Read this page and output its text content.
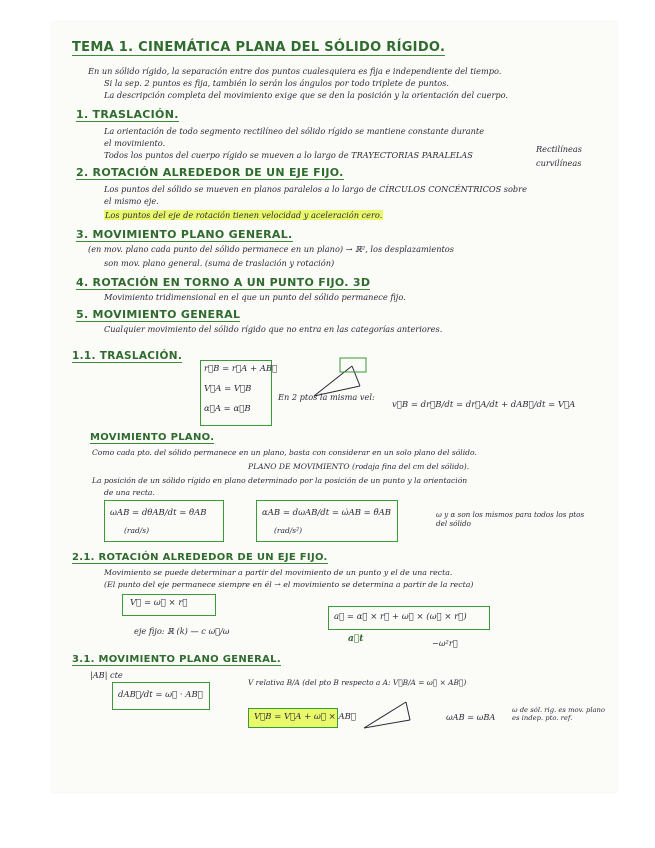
TEMA 1. CINEMÁTICA PLANA DEL SÓLIDO RÍGIDO.
En un sólido rígido, la separación entre dos puntos cualesquiera es fija e independiente del tiempo.
Si la sep. 2 puntos es fija, también lo serán los ángulos por todo triplete de puntos.
La descripción completa del movimiento exige que se den la posición y la orientación del cuerpo.
1. TRASLACIÓN.
La orientación de todo segmento rectilíneo del sólido rígido se mantiene constante durante
el movimiento.
Todos los puntos del cuerpo rígido se mueven a lo largo de TRAYECTORIAS PARALELAS
Rectilíneas
curvilíneas
2. ROTACIÓN ALREDEDOR DE UN EJE FIJO.
Los puntos del sólido se mueven en planos paralelos a lo largo de CÍRCULOS CONCÉNTRICOS sobre
el mismo eje.
Los puntos del eje de rotación tienen velocidad y aceleración cero.
3. MOVIMIENTO PLANO GENERAL.
(en mov. plano cada punto del sólido permanece en un plano) → ℝ², los desplazamientos
son mov. plano general. (suma de traslación y rotación)
4. ROTACIÓN EN TORNO A UN PUNTO FIJO. 3D
Movimiento tridimensional en el que un punto del sólido permanece fijo.
5. MOVIMIENTO GENERAL
Cualquier movimiento del sólido rígido que no entra en las categorías anteriores.
1.1. TRASLACIÓN.
r⃗B = r⃗A + AB⃗
V⃗A = V⃗B
α⃗A = α⃗B
En 2 ptos la misma vel:
v⃗B = dr⃗B/dt = dr⃗A/dt + dAB⃗/dt = V⃗A
MOVIMIENTO PLANO.
Como cada pto. del sólido permanece en un plano, basta con considerar en un solo plano del sólido.
PLANO DE MOVIMIENTO (rodaja fina del cm del sólido).
La posición de un sólido rígido en plano determinado por la posición de un punto y la orientación
de una recta.
ωAB = dθAB/dt = θ̇AB
(rad/s)
αAB = dωAB/dt = ω̇AB = θ̈AB
(rad/s²)
ω y α son los mismos para todos los ptos del sólido
2.1. ROTACIÓN ALREDEDOR DE UN EJE FIJO.
Movimiento se puede determinar a partir del movimiento de un punto y el de una recta.
(El punto del eje permanece siempre en él → el movimiento se determina a partir de la recta)
V⃗ = ω⃗ × r⃗
a⃗ = α⃗ × r⃗ + ω⃗ × (ω⃗ × r⃗)
a⃗t	−ω²r⃗
eje fijo: ℝ (k) — c ω⃗/ω
3.1. MOVIMIENTO PLANO GENERAL.
|AB| cte
dAB⃗/dt = ω⃗ · AB⃗
V relativa B/A (del pto B respecto a A: V⃗B/A = ω⃗ × AB⃗)
V⃗B = V⃗A + ω⃗ × AB⃗	ωAB = ωBA
ω de sól. rig. es mov. plano es indep. pto. ref.
